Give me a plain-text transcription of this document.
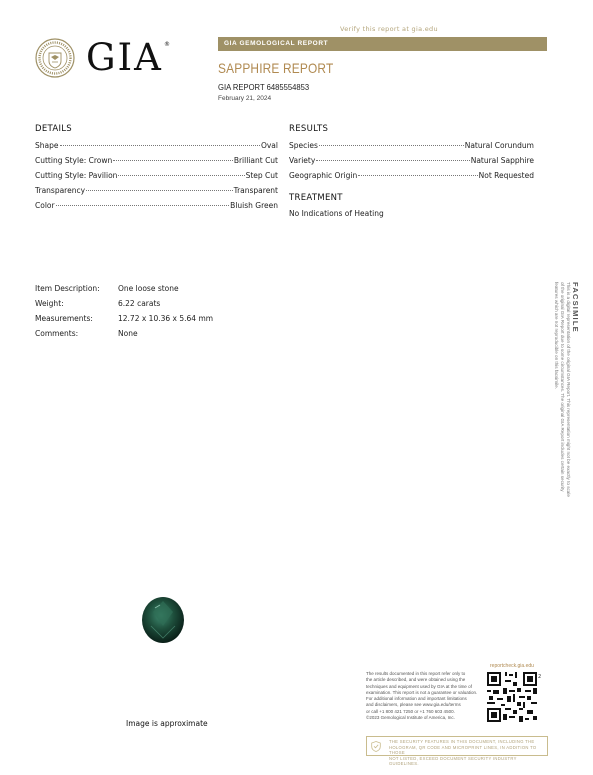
Verify this report at gia.edu
GIA ®	GIA GEMOLOGICAL REPORT
SAPPHIRE REPORT
GIA REPORT 6485554853
February 21, 2024
DETAILS
Shape	Oval
Cutting Style: Crown	Brilliant Cut
Cutting Style: Pavilion	Step Cut
Transparency	Transparent
Color	Bluish Green
RESULTS
Species	Natural Corundum
Variety	Natural Sapphire
Geographic Origin	Not Requested
TREATMENT
No Indications of Heating
Item Description: One loose stone
Weight:	6.22 carats
Measurements:	12.72 x 10.36 x 5.64 mm
Comments:	None
FACSIMILE
This is a digital representation of the original GIA Report. This representation might not be exactly to scale of the original GIA Report due to some circumstances. The original GIA Report includes certain security features which are not reproducible on this facsimile.
Image is approximate
reportcheck.gia.edu
The results documented in this report refer only to
the article described, and were obtained using the
techniques and equipment used by GIA at the time of
examination. This report is not a guarantee or valuation.
For additional information and important limitations
and disclaimers, please see www.gia.edu/terms
or call +1 800 421 7250 or +1 760 603 4500.
©2023 Gemological Institute of America, Inc.
2
THE SECURITY FEATURES IN THIS DOCUMENT, INCLUDING THE
HOLOGRAM, QR CODE AND MICROPRINT LINES, IN ADDITION TO THOSE
NOT LISTED, EXCEED DOCUMENT SECURITY INDUSTRY GUIDELINES.
